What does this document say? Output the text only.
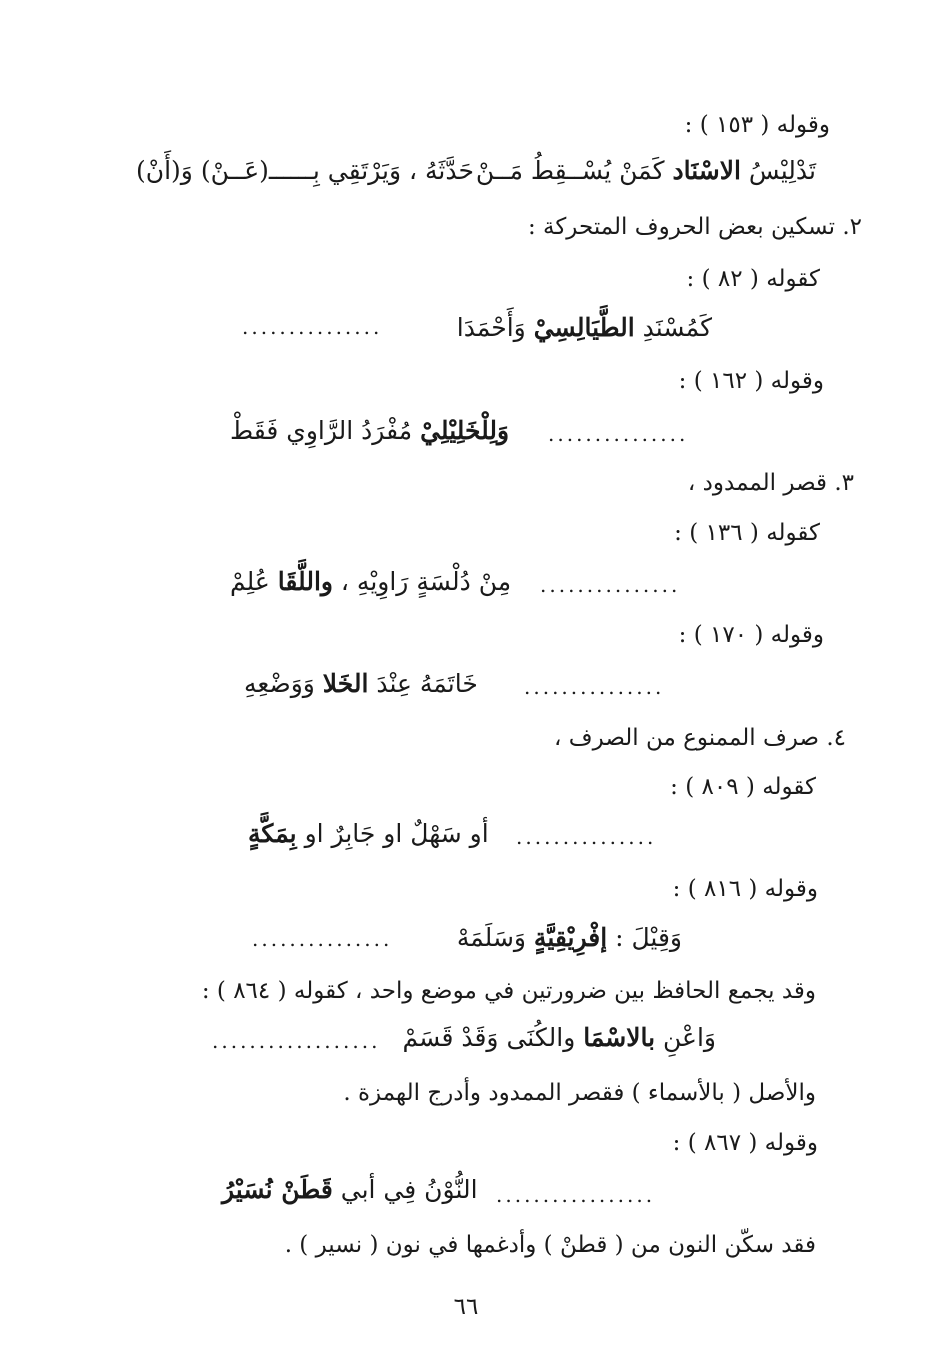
وقوله ( ١٥٣ ) :
تَدْلِيْسُ الاسْنَاد كَمَنْ يُسْــقِطُ مَــنْ
حَدَّثَهُ ، وَيَرْتَقِي بِــــــ(عَــنْ) وَ(أَنْ)
٢. تسكين بعض الحروف المتحركة :
كقوله ( ٨٢ ) :
كَمُسْنَدِ الطَّيَالِسِيْ وَأَحْمَدَا
...............
وقوله ( ١٦٢ ) :
وَلِلْخَلِيْلِيْ مُفْرَدُ الرَّاوِي فَقَطْ	...............
٣. قصر الممدود ،
كقوله ( ١٣٦ ) :
مِنْ دُلْسَةٍ رَاوِيْهِ ، واللَّقَا عُلِمْ	...............
وقوله ( ١٧٠ ) :
خَاتَمَهُ عِنْدَ الخَلا وَوَضْعِهِ	...............
٤. صرف الممنوع من الصرف ،
كقوله ( ٨٠٩ ) :
أو سَهْلٌ او جَابِرٌ او بِمَكَّةٍ	...............
وقوله ( ٨١٦ ) :
وَقِيْلَ : إفْرِيْقِيَّةٍ وَسَلَمَهْ
...............
وقد يجمع الحافظ بين ضرورتين في موضع واحد ، كقوله ( ٨٦٤ ) :
وَاعْنِ بالاسْمَا والكُنَى وَقَدْ قَسَمْ
..................
والأصل ( بالأسماء ) فقصر الممدود وأدرج الهمزة .
وقوله ( ٨٦٧ ) :
النُّوْنُ فِي أبي قَطَنْ نُسَيْرُ	.................
فقد سكّن النون من ( قطنْ ) وأدغمها في نون ( نسير ) .
٦٦
